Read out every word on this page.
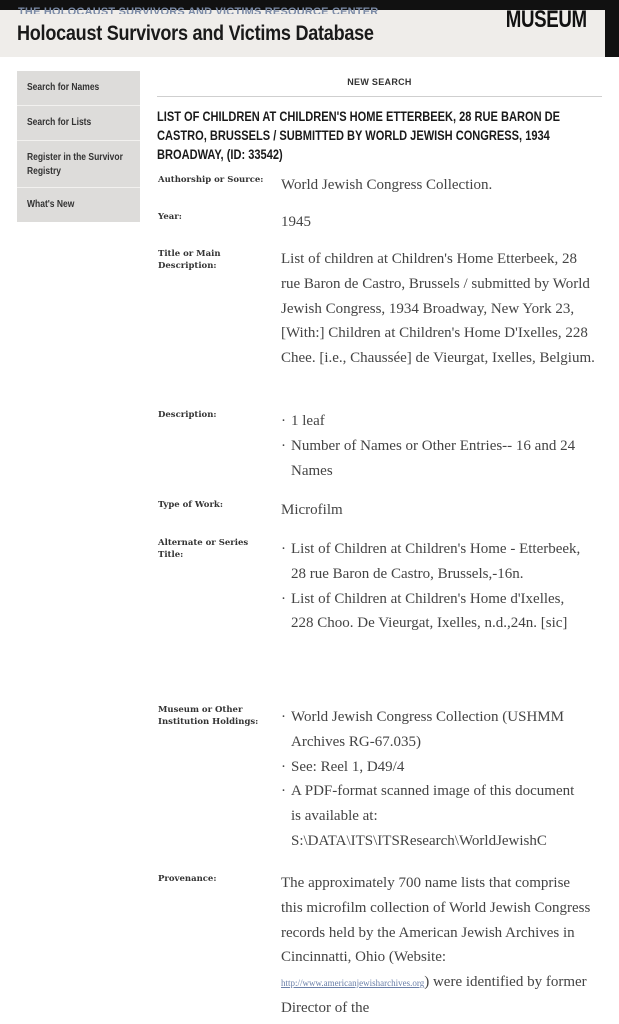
THE HOLOCAUST SURVIVORS AND VICTIMS RESOURCE CENTER
Holocaust Survivors and Victims Database
MUSEUM
Search for Names
Search for Lists
Register in the Survivor
Registry
What's New
NEW SEARCH
LIST OF CHILDREN AT CHILDREN'S HOME ETTERBEEK, 28 RUE BARON DE CASTRO, BRUSSELS / SUBMITTED BY WORLD JEWISH CONGRESS, 1934 BROADWAY, (ID: 33542)
Authorship or Source:	World Jewish Congress Collection.
Year:	1945
Title or Main Description:	List of children at Children's Home Etterbeek, 28 rue Baron de Castro, Brussels / submitted by World Jewish Congress, 1934 Broadway, New York 23, [With:] Children at Children's Home D'Ixelles, 228 Chee. [i.e., Chaussée] de Vieurgat, Ixelles, Belgium.
Description:	· 1 leaf
· Number of Names or Other Entries-- 16 and 24 Names
Type of Work:	Microfilm
Alternate or Series Title:	· List of Children at Children's Home - Etterbeek, 28 rue Baron de Castro, Brussels,-16n.
· List of Children at Children's Home d'Ixelles, 228 Choo. De Vieurgat, Ixelles, n.d.,24n. [sic]
Museum or Other Institution Holdings:	· World Jewish Congress Collection (USHMM Archives RG-67.035)
· See: Reel 1, D49/4
· A PDF-format scanned image of this document is available at:
S:\DATA\ITS\ITSResearch\WorldJewishC
Provenance:	The approximately 700 name lists that comprise this microfilm collection of World Jewish Congress records held by the American Jewish Archives in Cincinnatti, Ohio (Website: http://www.americanjewisharchives.org) were identified by former Director of the
